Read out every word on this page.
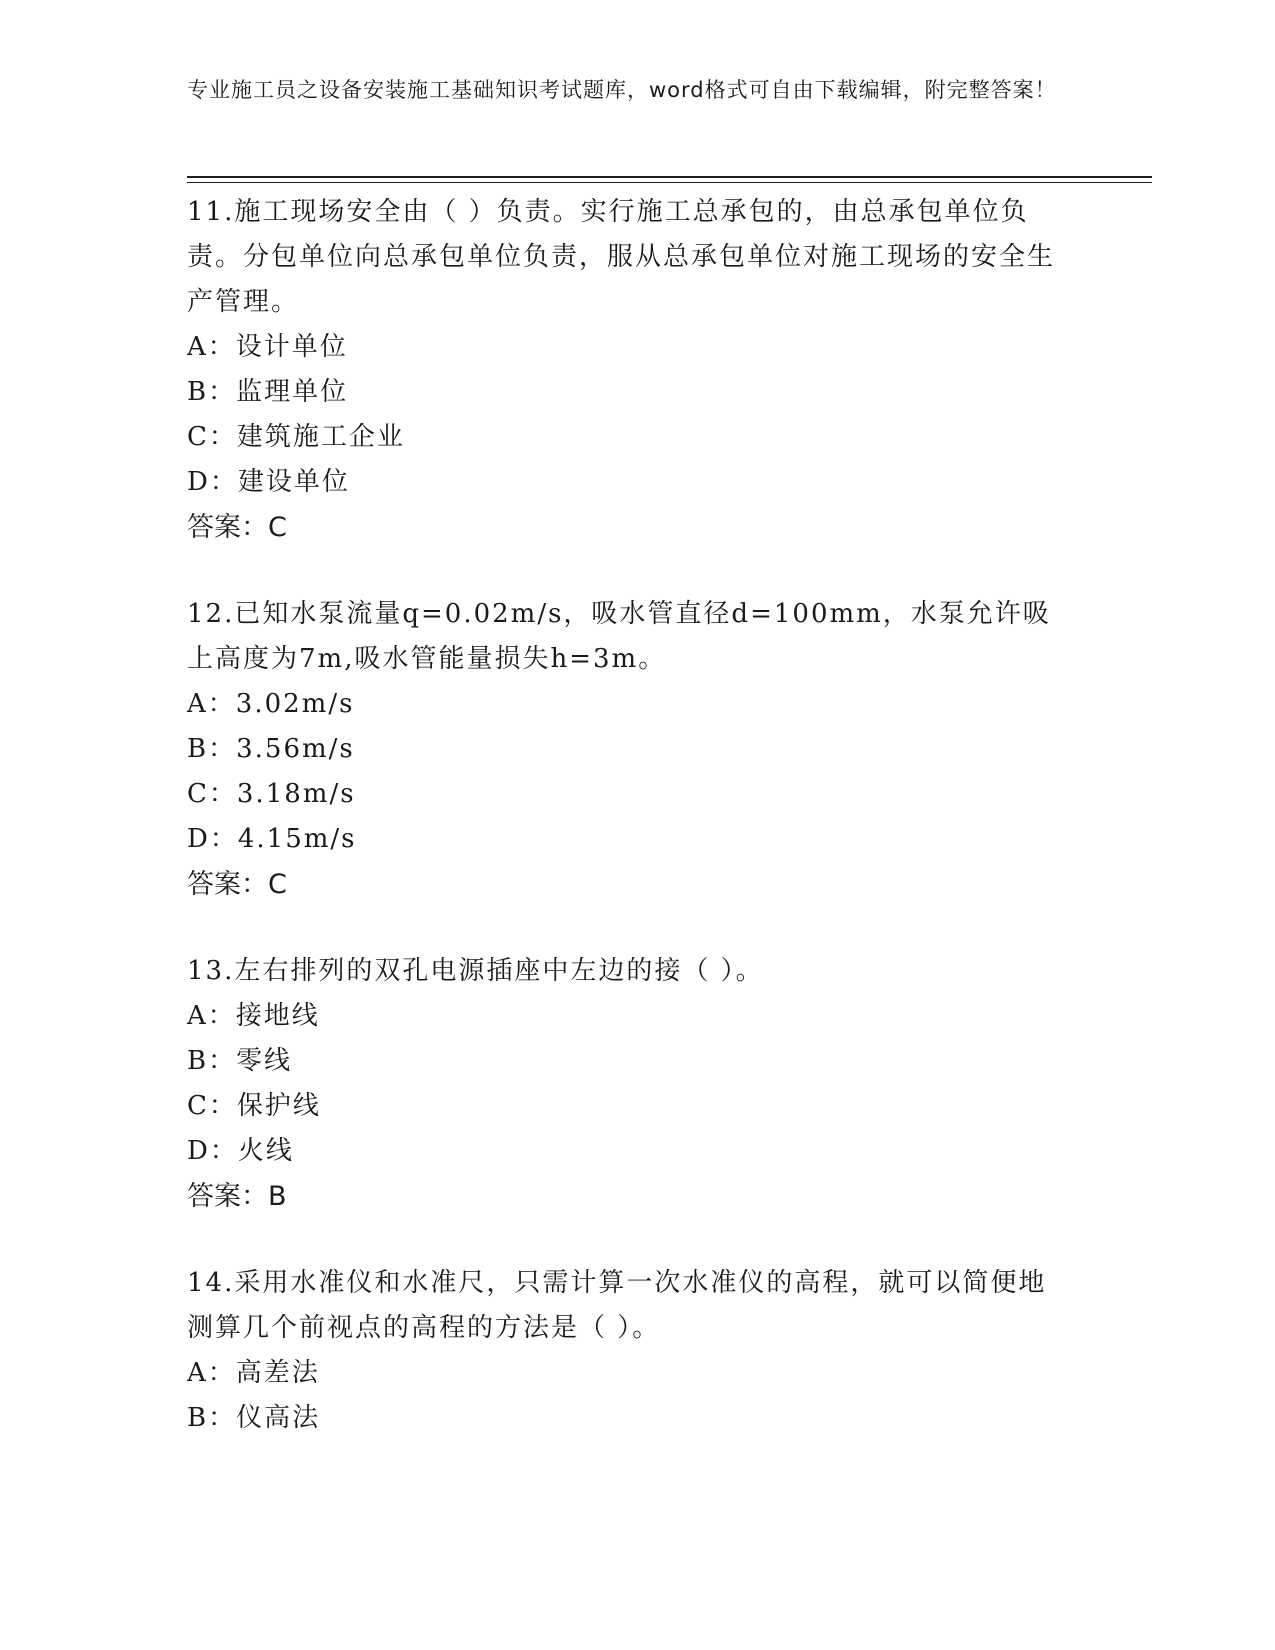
专业施工员之设备安装施工基础知识考试题库，word格式可自由下载编辑，附完整答案！

11.施工现场安全由（ ）负责。实行施工总承包的，由总承包单位负责。分包单位向总承包单位负责，服从总承包单位对施工现场的安全生产管理。

A：设计单位

B：监理单位

C：建筑施工企业

D：建设单位

答案：C

12.已知水泵流量q=0.02m/s，吸水管直径d=100mm，水泵允许吸上高度为7m,吸水管能量损失h=3m。

A：3.02m/s

B：3.56m/s

C：3.18m/s

D：4.15m/s

答案：C

13.左右排列的双孔电源插座中左边的接（ ）。

A：接地线

B：零线

C：保护线

D：火线

答案：B

14.采用水准仪和水准尺，只需计算一次水准仪的高程，就可以简便地测算几个前视点的高程的方法是（ ）。

A：高差法

B：仪高法
